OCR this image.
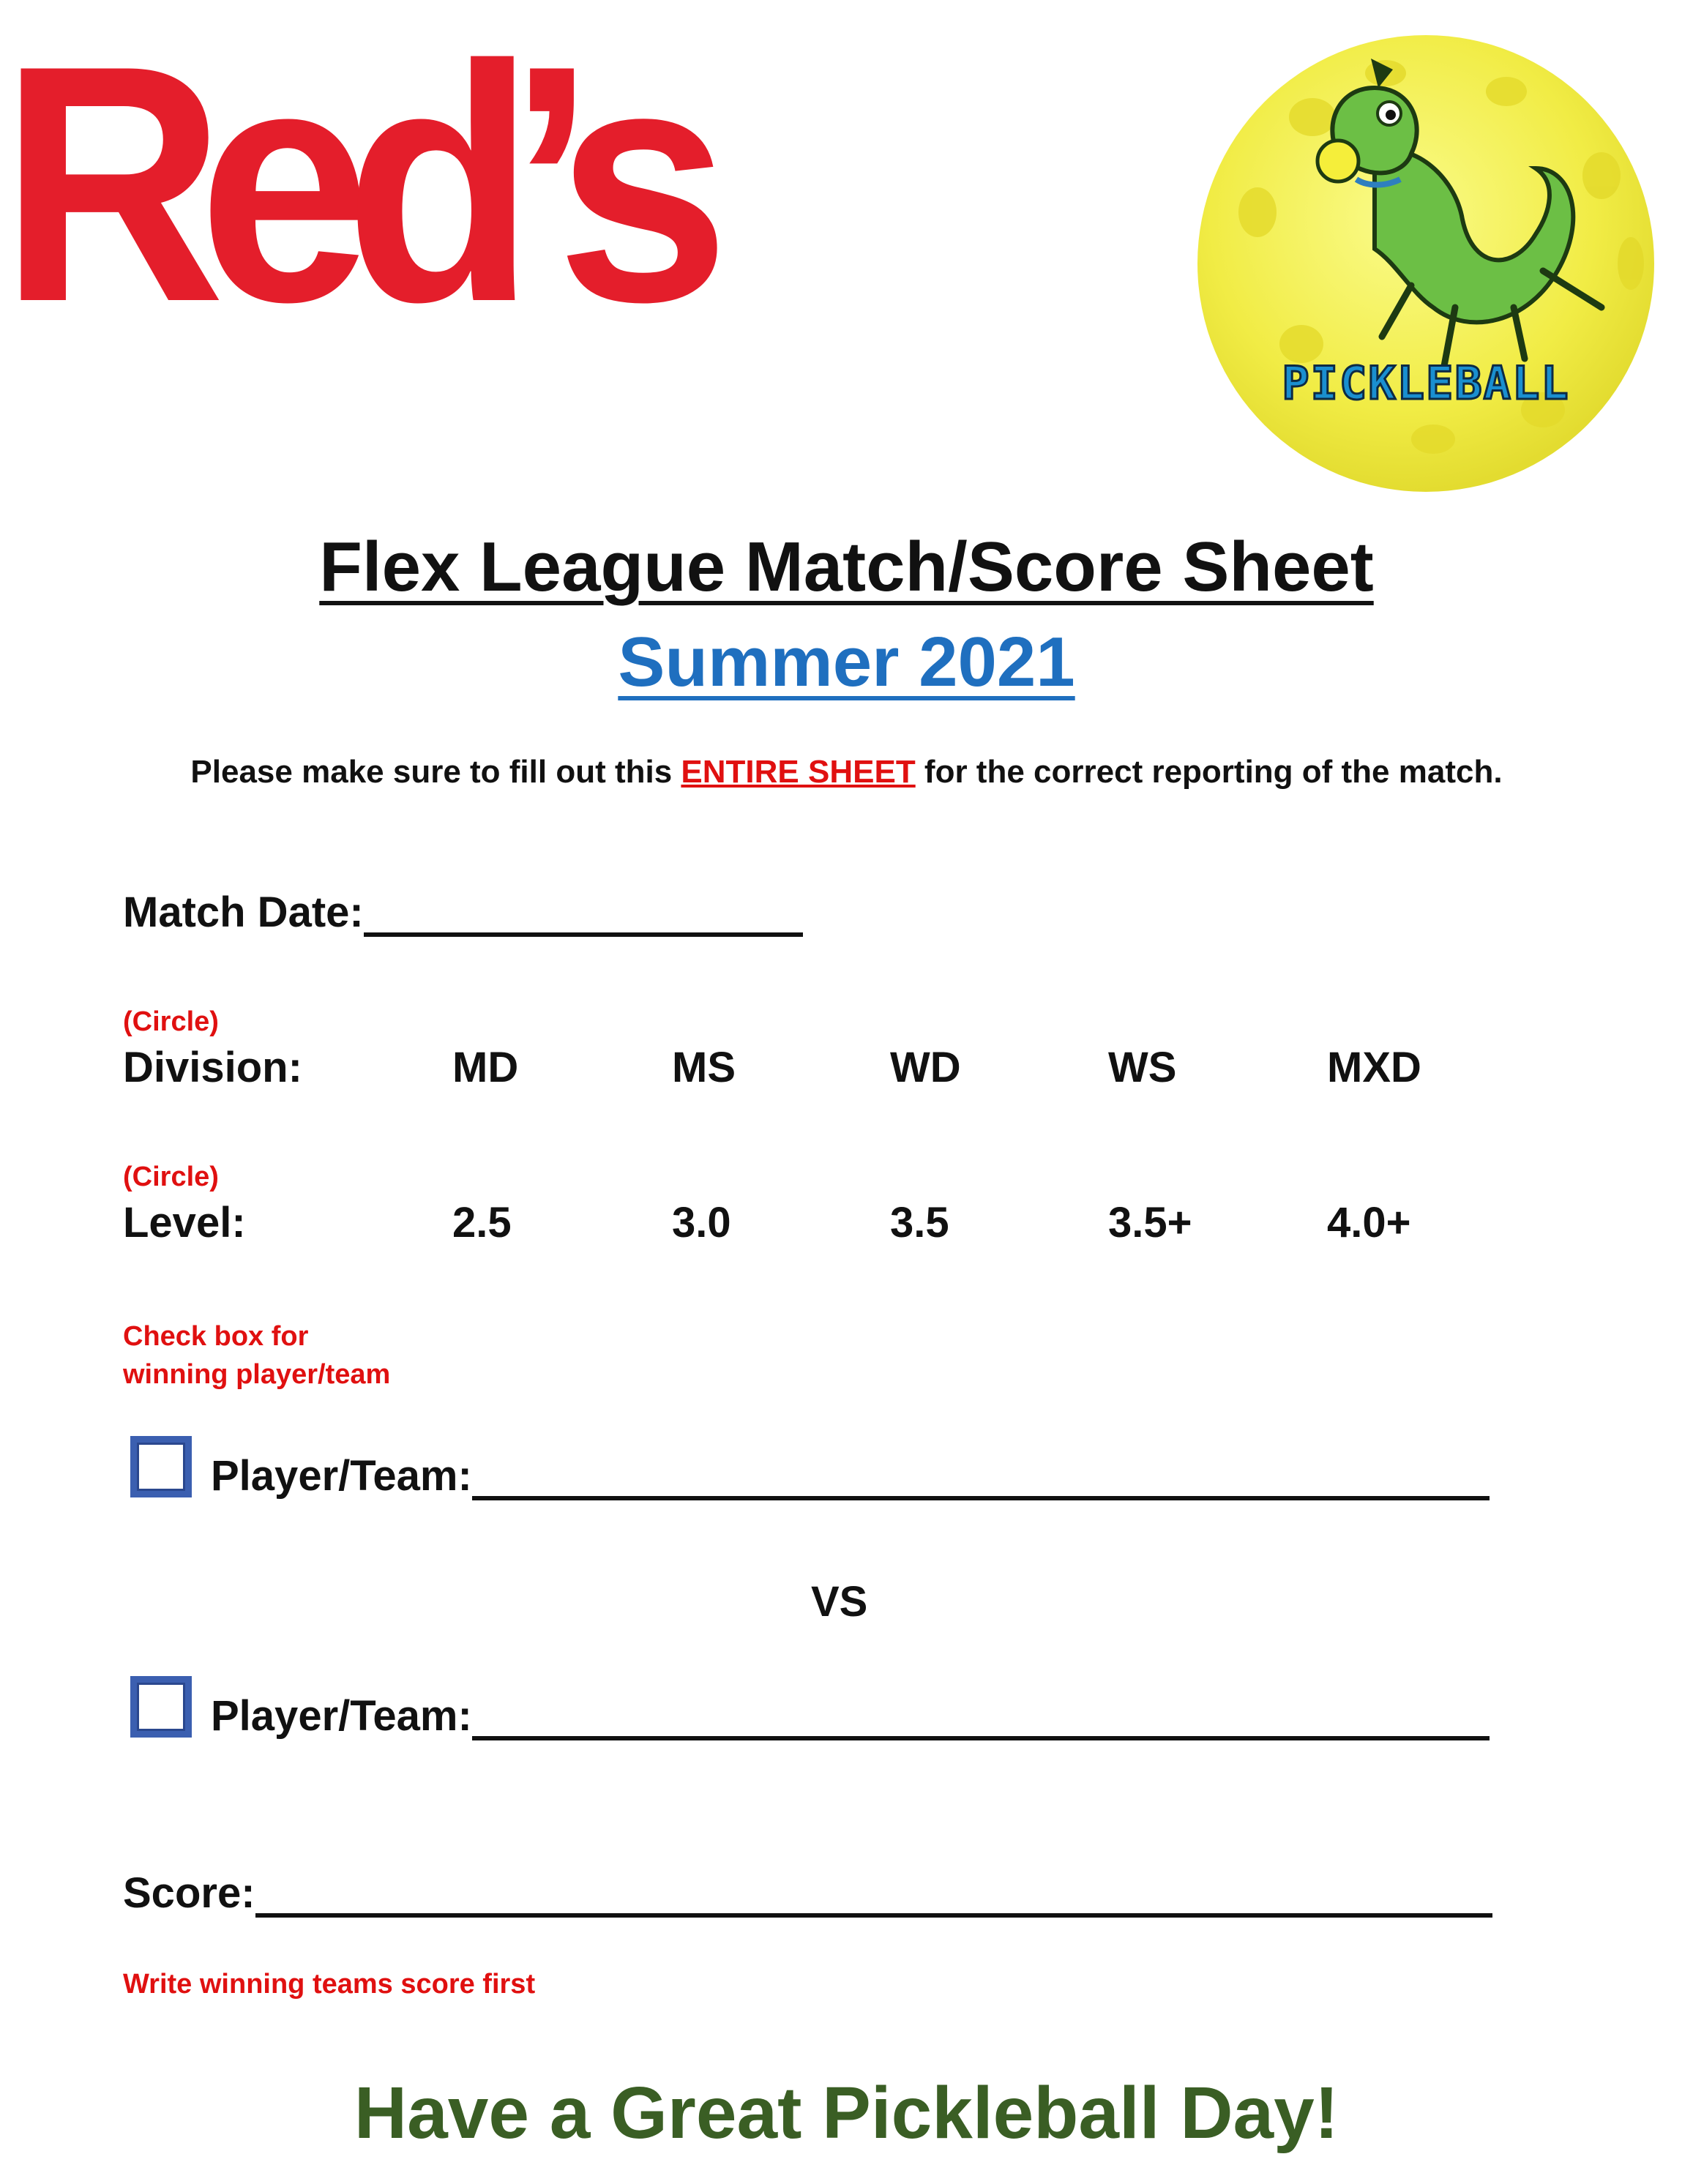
Red’s
PICKLEBALL
Flex League Match/Score Sheet
Summer 2021
Please make sure to fill out this ENTIRE SHEET for the correct reporting of the match.
Match Date:
(Circle)
Division:	MD	MS	WD	WS	MXD
(Circle)
Level:	2.5	3.0	3.5	3.5+	4.0+
Check box for
winning player/team
Player/Team:
VS
Player/Team:
Score:
Write winning teams score first
Have a Great Pickleball Day!
